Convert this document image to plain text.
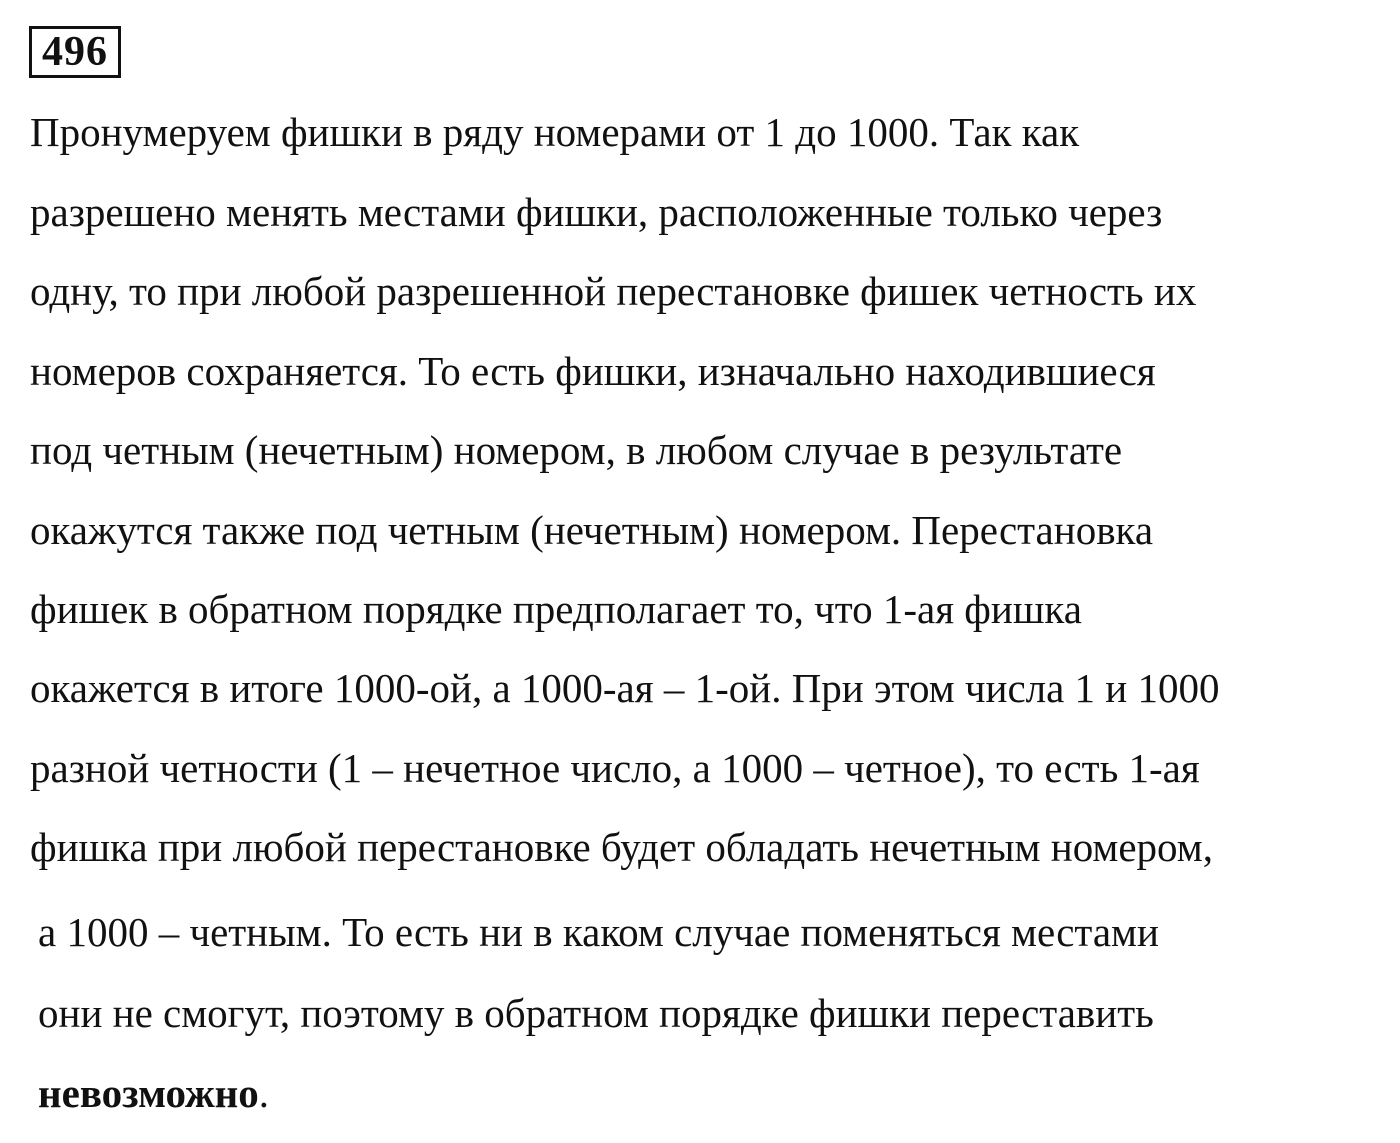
496
Пронумеруем фишки в ряду номерами от 1 до 1000. Так как
разрешено менять местами фишки, расположенные только через
одну, то при любой разрешенной перестановке фишек четность их
номеров сохраняется. То есть фишки, изначально находившиеся
под четным (нечетным) номером, в любом случае в результате
окажутся также под четным (нечетным) номером. Перестановка
фишек в обратном порядке предполагает то, что 1-ая фишка
окажется в итоге 1000-ой, а 1000-ая – 1-ой. При этом числа 1 и 1000
разной четности (1 – нечетное число, а 1000 – четное), то есть 1-ая
фишка при любой перестановке будет обладать нечетным номером,
а 1000 – четным. То есть ни в каком случае поменяться местами
они не смогут, поэтому в обратном порядке фишки переставить
невозможно.
